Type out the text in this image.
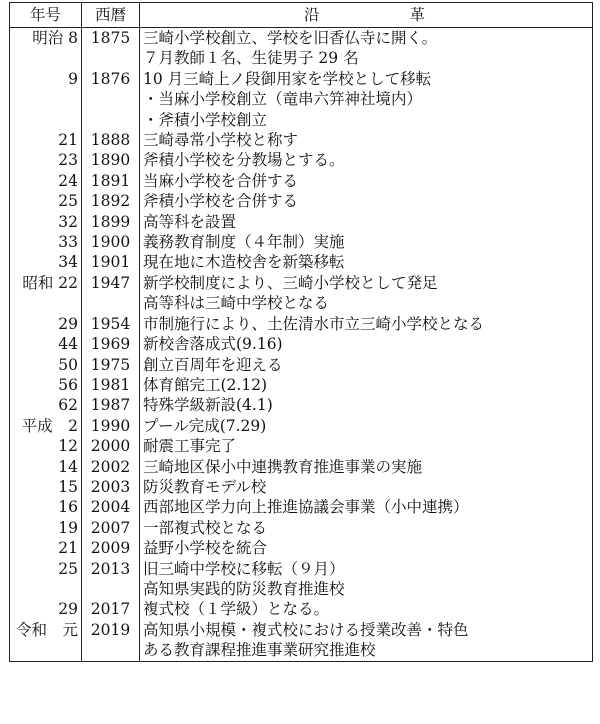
年号	西暦	沿革
明治 8	1875	三崎小学校創立、学校を旧香仏寺に開く。
		７月教師１名、生徒男子 29 名
9	1876	10 月三崎上ノ段御用家を学校として移転
		・当麻小学校創立（竜串六笄神社境内）
		・斧積小学校創立
21	1888	三崎尋常小学校と称す
23	1890	斧積小学校を分教場とする。
24	1891	当麻小学校を合併する
25	1892	斧積小学校を合併する
32	1899	高等科を設置
33	1900	義務教育制度（４年制）実施
34	1901	現在地に木造校舎を新築移転
昭和 22	1947	新学校制度により、三崎小学校として発足
		高等科は三崎中学校となる
29	1954	市制施行により、土佐清水市立三崎小学校となる
44	1969	新校舎落成式(9.16)
50	1975	創立百周年を迎える
56	1981	体育館完工(2.12)
62	1987	特殊学級新設(4.1)
平成　2	1990	プール完成(7.29)
12	2000	耐震工事完了
14	2002	三崎地区保小中連携教育推進事業の実施
15	2003	防災教育モデル校
16	2004	西部地区学力向上推進協議会事業（小中連携）
19	2007	一部複式校となる
21	2009	益野小学校を統合
25	2013	旧三崎中学校に移転（９月）
		高知県実践的防災教育推進校
29	2017	複式校（１学級）となる。
令和　元	2019	高知県小規模・複式校における授業改善・特色
		ある教育課程推進事業研究推進校
